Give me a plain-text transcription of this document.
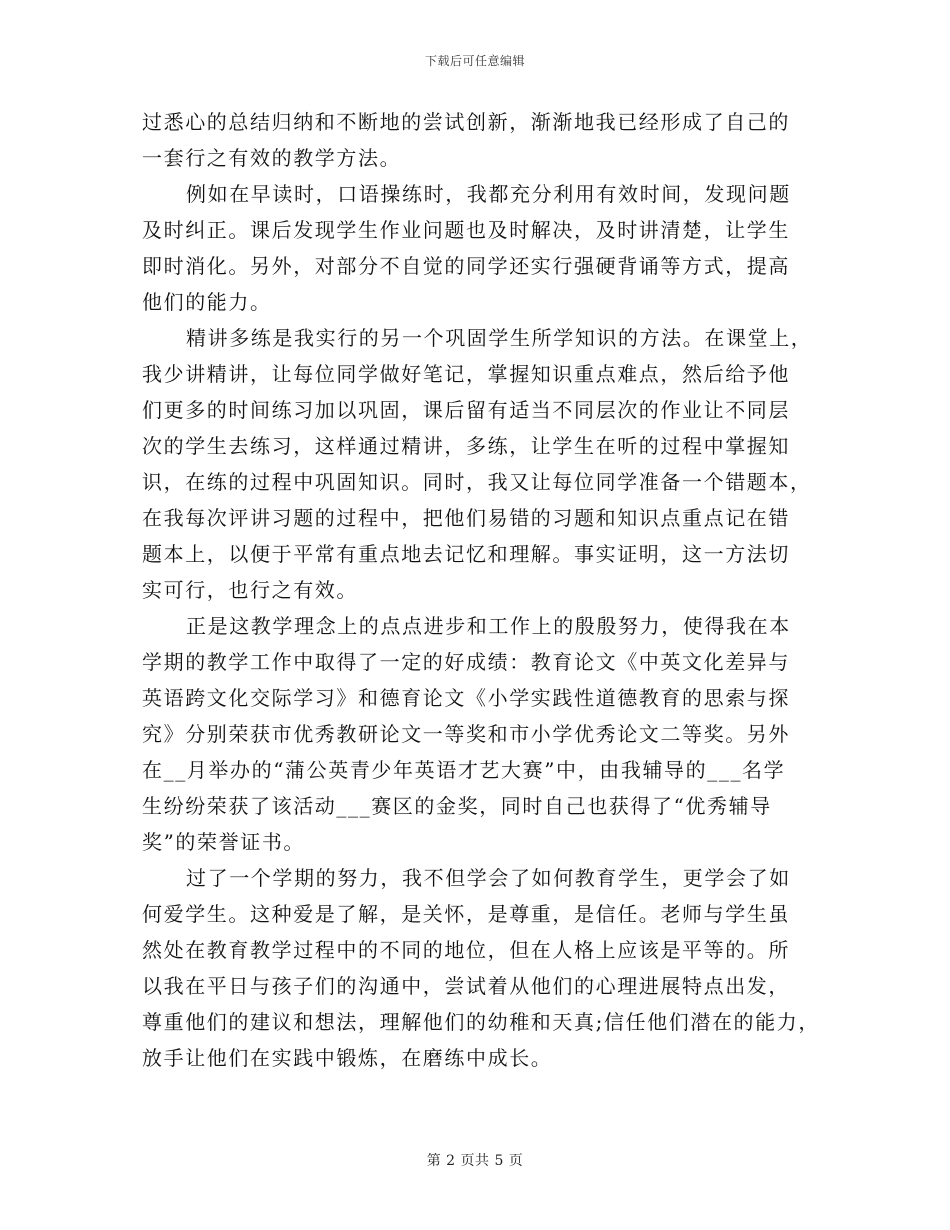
下载后可任意编辑
过悉心的总结归纳和不断地的尝试创新，渐渐地我已经形成了自己的
一套行之有效的教学方法。
例如在早读时，口语操练时，我都充分利用有效时间，发现问题
及时纠正。课后发现学生作业问题也及时解决，及时讲清楚，让学生
即时消化。另外，对部分不自觉的同学还实行强硬背诵等方式，提高
他们的能力。
精讲多练是我实行的另一个巩固学生所学知识的方法。在课堂上，
我少讲精讲，让每位同学做好笔记，掌握知识重点难点，然后给予他
们更多的时间练习加以巩固，课后留有适当不同层次的作业让不同层
次的学生去练习，这样通过精讲，多练，让学生在听的过程中掌握知
识，在练的过程中巩固知识。同时，我又让每位同学准备一个错题本，
在我每次评讲习题的过程中，把他们易错的习题和知识点重点记在错
题本上，以便于平常有重点地去记忆和理解。事实证明，这一方法切
实可行，也行之有效。
正是这教学理念上的点点进步和工作上的殷殷努力，使得我在本
学期的教学工作中取得了一定的好成绩：教育论文《中英文化差异与
英语跨文化交际学习》和德育论文《小学实践性道德教育的思索与探
究》分别荣获市优秀教研论文一等奖和市小学优秀论文二等奖。另外
在__月举办的“蒲公英青少年英语才艺大赛”中，由我辅导的___名学
生纷纷荣获了该活动___赛区的金奖，同时自己也获得了“优秀辅导
奖”的荣誉证书。
过了一个学期的努力，我不但学会了如何教育学生，更学会了如
何爱学生。这种爱是了解，是关怀，是尊重，是信任。老师与学生虽
然处在教育教学过程中的不同的地位，但在人格上应该是平等的。所
以我在平日与孩子们的沟通中，尝试着从他们的心理进展特点出发，
尊重他们的建议和想法，理解他们的幼稚和天真;信任他们潜在的能力，
放手让他们在实践中锻炼，在磨练中成长。
第 2 页共 5 页
